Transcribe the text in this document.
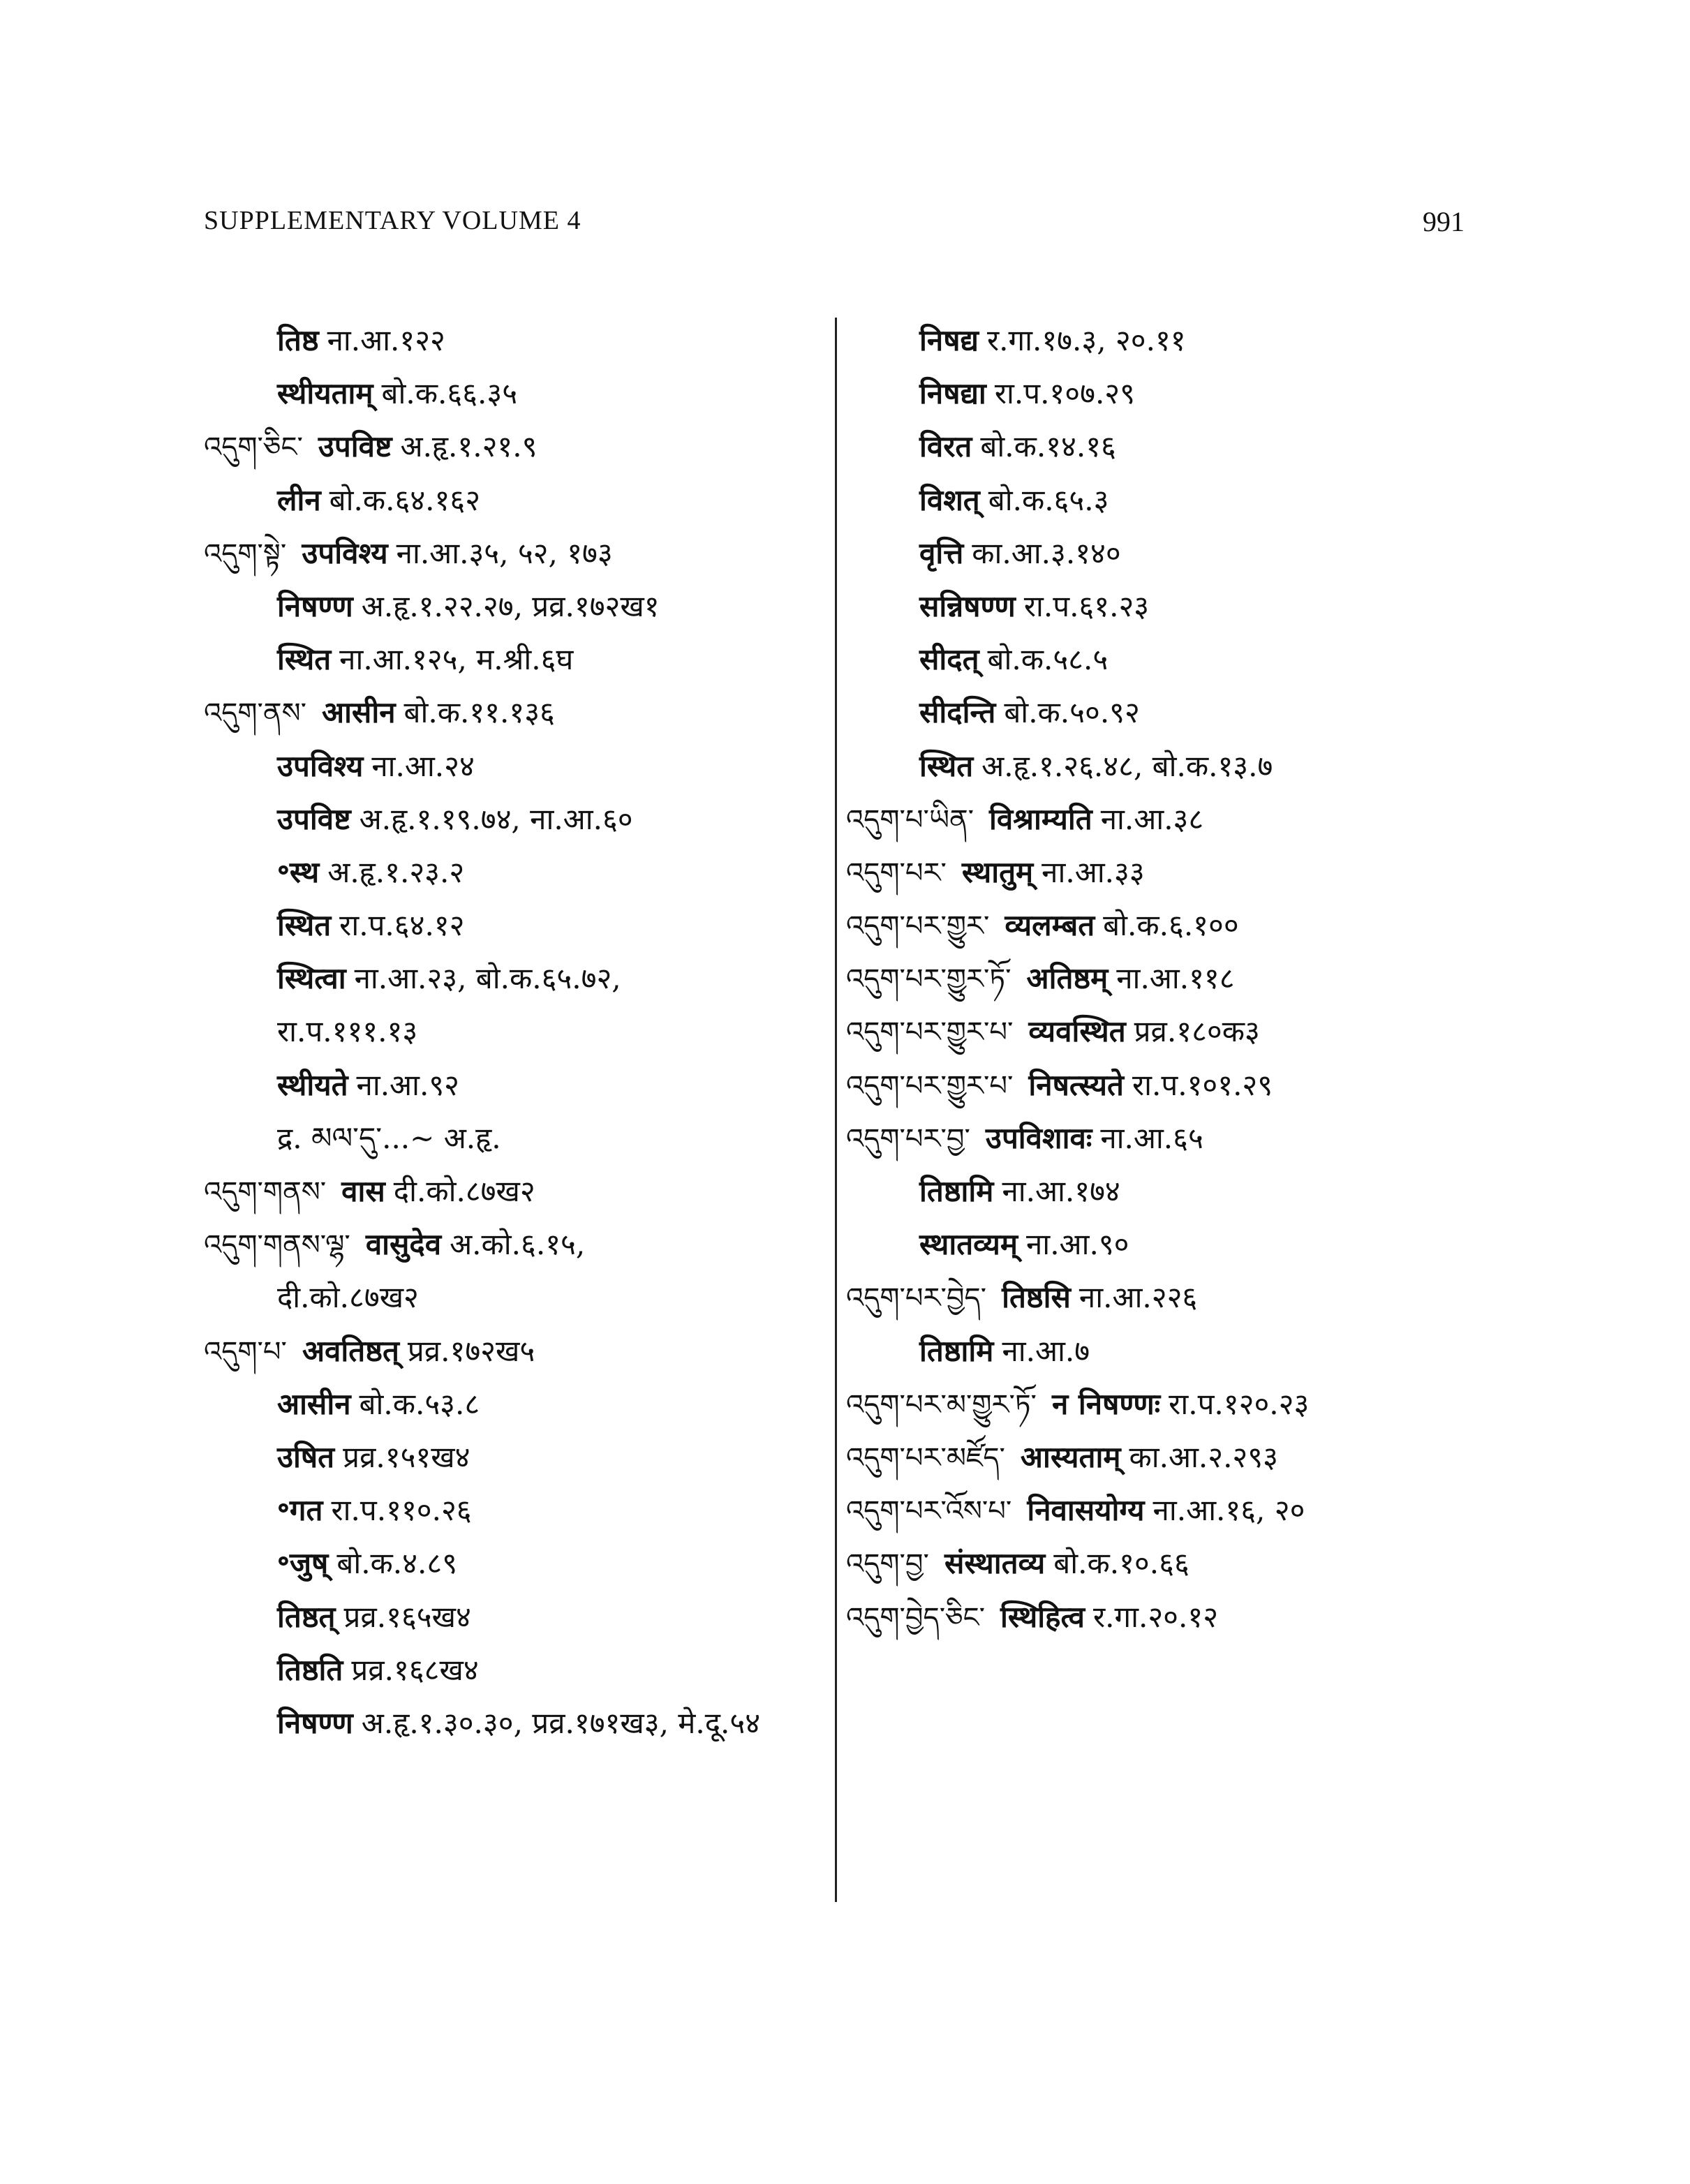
SUPPLEMENTARY VOLUME 4	991
तिष्ठ ना.आ.१२२
स्थीयताम् बो.क.६६.३५
འདུག་ཅིང་ उपविष्ट अ.हृ.१.२१.९
लीन बो.क.६४.१६२
འདུག་སྟེ་ उपविश्य ना.आ.३५, ५२, १७३
निषण्ण अ.हृ.१.२२.२७, प्रव्र.१७२ख१
स्थित ना.आ.१२५, म.श्री.६घ
འདུག་ནས་ आसीन बो.क.११.१३६
उपविश्य ना.आ.२४
उपविष्ट अ.हृ.१.१९.७४, ना.आ.६०
॰स्थ अ.हृ.१.२३.२
स्थित रा.प.६४.१२
स्थित्वा ना.आ.२३, बो.क.६५.७२,
रा.प.१११.१३
स्थीयते ना.आ.९२
द्र. མལ་དུ་...~ अ.हृ.
འདུག་གནས་ वास दी.को.८७ख२
འདུག་གནས་ལྷ་ वासुदेव अ.को.६.१५,
दी.को.८७ख२
འདུག་པ་ अवतिष्ठत् प्रव्र.१७२ख५
आसीन बो.क.५३.८
उषित प्रव्र.१५१ख४
॰गत रा.प.११०.२६
॰जुष् बो.क.४.८९
तिष्ठत् प्रव्र.१६५ख४
तिष्ठति प्रव्र.१६८ख४
निषण्ण अ.हृ.१.३०.३०, प्रव्र.१७१ख३, मे.दू.५४
निषद्य र.गा.१७.३, २०.११
निषद्या रा.प.१०७.२९
विरत बो.क.१४.१६
विशत् बो.क.६५.३
वृत्ति का.आ.३.१४०
सन्निषण्ण रा.प.६१.२३
सीदत् बो.क.५८.५
सीदन्ति बो.क.५०.९२
स्थित अ.हृ.१.२६.४८, बो.क.१३.७
འདུག་པ་ཡིན་ विश्राम्यति ना.आ.३८
འདུག་པར་ स्थातुम् ना.आ.३३
འདུག་པར་གྱུར་ व्यलम्बत बो.क.६.१००
འདུག་པར་གྱུར་ཏོ་ अतिष्ठम् ना.आ.११८
འདུག་པར་གྱུར་པ་ व्यवस्थित प्रव्र.१८०क३
འདུག་པར་གྱུར་པ་ निषत्स्यते रा.प.१०१.२९
འདུག་པར་བྱ་ उपविशावः ना.आ.६५
तिष्ठामि ना.आ.१७४
स्थातव्यम् ना.आ.९०
འདུག་པར་བྱེད་ तिष्ठसि ना.आ.२२६
तिष्ठामि ना.आ.७
འདུག་པར་མ་གྱུར་ཏོ་ न निषण्णः रा.प.१२०.२३
འདུག་པར་མཛོད་ आस्यताम् का.आ.२.२९३
འདུག་པར་འོས་པ་ निवासयोग्य ना.आ.१६, २०
འདུག་བྱ་ संस्थातव्य बो.क.१०.६६
འདུག་བྱེད་ཅིང་ स्थिहित्व र.गा.२०.१२
